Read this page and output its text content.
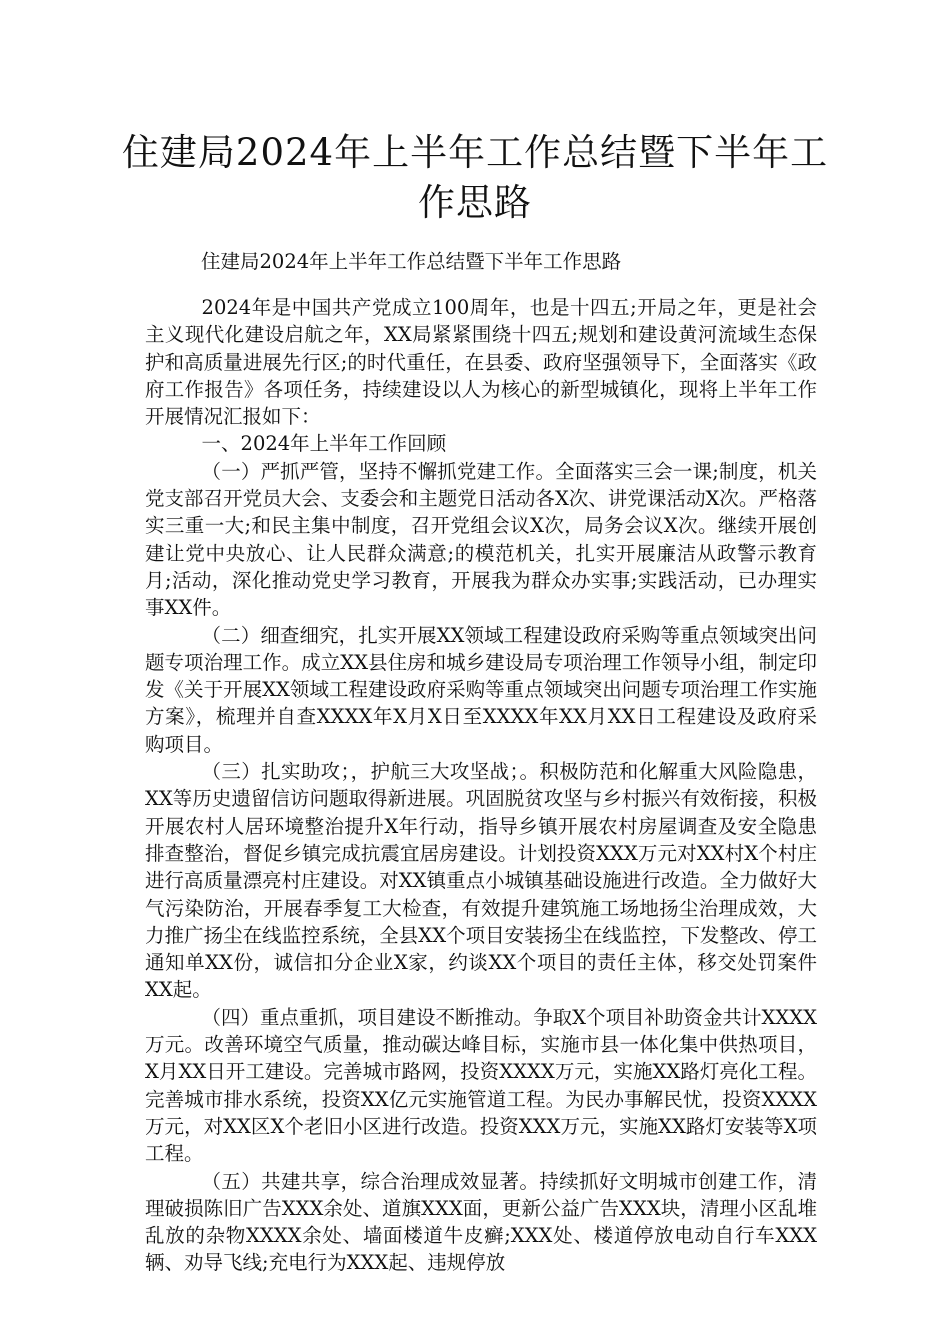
住建局2024年上半年工作总结暨下半年工作思路
住建局2024年上半年工作总结暨下半年工作思路

2024年是中国共产党成立100周年，也是十四五;开局之年，更是社会主义现代化建设启航之年，XX局紧紧围绕十四五;规划和建设黄河流域生态保护和高质量进展先行区;的时代重任，在县委、政府坚强领导下，全面落实《政府工作报告》各项任务，持续建设以人为核心的新型城镇化，现将上半年工作开展情况汇报如下：

一、2024年上半年工作回顾

（一）严抓严管，坚持不懈抓党建工作。全面落实三会一课;制度，机关党支部召开党员大会、支委会和主题党日活动各X次、讲党课活动X次。严格落实三重一大;和民主集中制度，召开党组会议X次，局务会议X次。继续开展创建让党中央放心、让人民群众满意;的模范机关，扎实开展廉洁从政警示教育月;活动，深化推动党史学习教育，开展我为群众办实事;实践活动，已办理实事XX件。

（二）细查细究，扎实开展XX领域工程建设政府采购等重点领域突出问题专项治理工作。成立XX县住房和城乡建设局专项治理工作领导小组，制定印发《关于开展XX领域工程建设政府采购等重点领域突出问题专项治理工作实施方案》，梳理并自查XXXX年X月X日至XXXX年XX月XX日工程建设及政府采购项目。

（三）扎实助攻；，护航三大攻坚战；。积极防范和化解重大风险隐患，XX等历史遗留信访问题取得新进展。巩固脱贫攻坚与乡村振兴有效衔接，积极开展农村人居环境整治提升X年行动，指导乡镇开展农村房屋调查及安全隐患排查整治，督促乡镇完成抗震宜居房建设。计划投资XXX万元对XX村X个村庄进行高质量漂亮村庄建设。对XX镇重点小城镇基础设施进行改造。全力做好大气污染防治，开展春季复工大检查，有效提升建筑施工场地扬尘治理成效，大力推广扬尘在线监控系统，全县XX个项目安装扬尘在线监控，下发整改、停工通知单XX份，诚信扣分企业X家，约谈XX个项目的责任主体，移交处罚案件XX起。

（四）重点重抓，项目建设不断推动。争取X个项目补助资金共计XXXX万元。改善环境空气质量，推动碳达峰目标，实施市县一体化集中供热项目，X月XX日开工建设。完善城市路网，投资XXXX万元，实施XX路灯亮化工程。完善城市排水系统，投资XX亿元实施管道工程。为民办事解民忧，投资XXXX万元，对XX区X个老旧小区进行改造。投资XXX万元，实施XX路灯安装等X项工程。

（五）共建共享，综合治理成效显著。持续抓好文明城市创建工作，清理破损陈旧广告XXX余处、道旗XXX面，更新公益广告XXX块，清理小区乱堆乱放的杂物XXXX余处、墙面楼道牛皮癣;XXX处、楼道停放电动自行车XXX辆、劝导飞线;充电行为XXX起、违规停放
